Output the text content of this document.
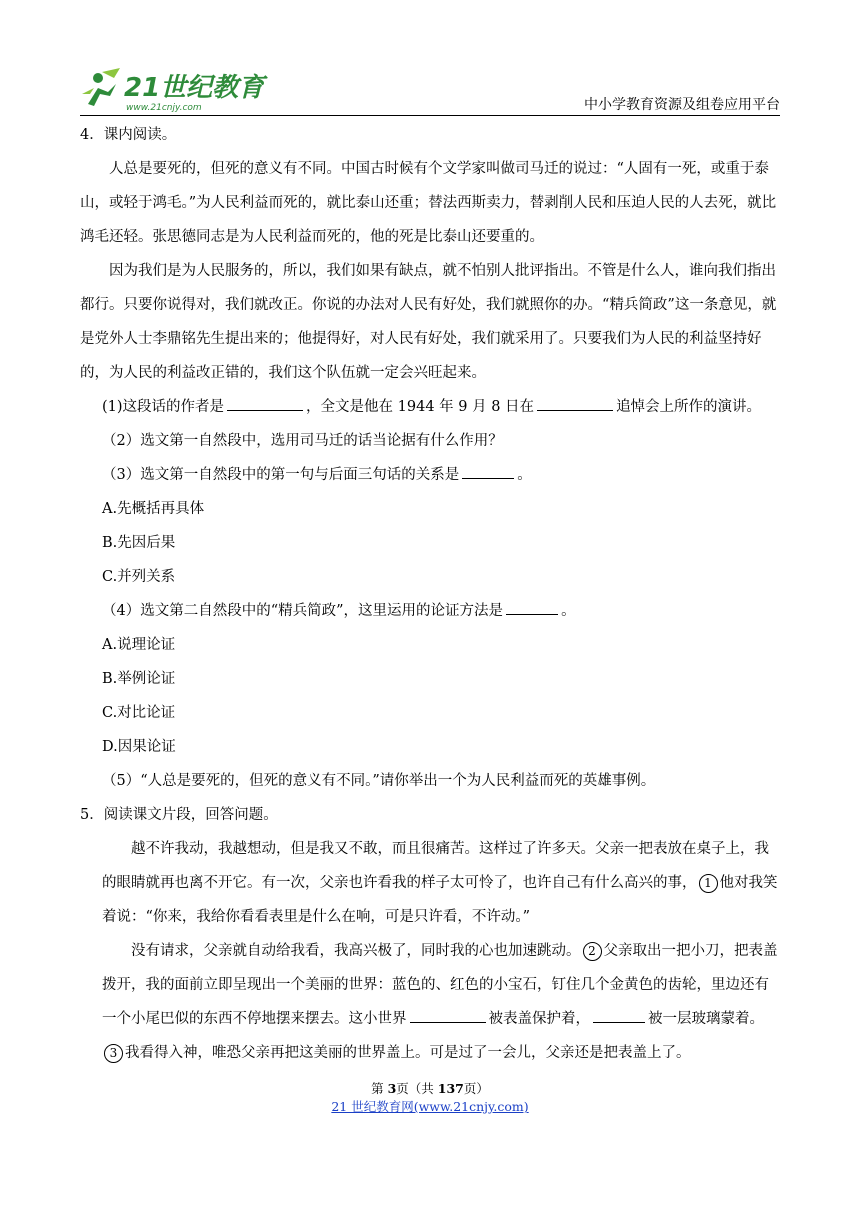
21世纪教育
www.21cnjy.com	中小学教育资源及组卷应用平台

4．课内阅读。

人总是要死的，但死的意义有不同。中国古时候有个文学家叫做司马迁的说过：“人固有一死，或重于泰山，或轻于鸿毛。”为人民利益而死的，就比泰山还重；替法西斯卖力，替剥削人民和压迫人民的人去死，就比鸿毛还轻。张思德同志是为人民利益而死的，他的死是比泰山还要重的。

因为我们是为人民服务的，所以，我们如果有缺点，就不怕别人批评指出。不管是什么人，谁向我们指出都行。只要你说得对，我们就改正。你说的办法对人民有好处，我们就照你的办。“精兵简政”这一条意见，就是党外人士李鼎铭先生提出来的；他提得好，对人民有好处，我们就采用了。只要我们为人民的利益坚持好的，为人民的利益改正错的，我们这个队伍就一定会兴旺起来。

(1)这段话的作者是	，全文是他在 1944 年 9 月 8 日在	追悼会上所作的演讲。

（2）选文第一自然段中，选用司马迁的话当论据有什么作用？

（3）选文第一自然段中的第一句与后面三句话的关系是	。

A.先概括再具体

B.先因后果

C.并列关系

（4）选文第二自然段中的“精兵简政”，这里运用的论证方法是	。

A.说理论证

B.举例论证

C.对比论证

D.因果论证

（5）“人总是要死的，但死的意义有不同。”请你举出一个为人民利益而死的英雄事例。

5．阅读课文片段，回答问题。

越不许我动，我越想动，但是我又不敢，而且很痛苦。这样过了许多天。父亲一把表放在桌子上，我的眼睛就再也离不开它。有一次，父亲也许看我的样子太可怜了，也许自己有什么高兴的事， 1 他对我笑着说：“你来，我给你看看表里是什么在响，可是只许看，不许动。”

没有请求，父亲就自动给我看，我高兴极了，同时我的心也加速跳动。 2 父亲取出一把小刀，把表盖拨开，我的面前立即呈现出一个美丽的世界：蓝色的、红色的小宝石，钉住几个金黄色的齿轮，里边还有一个小尾巴似的东西不停地摆来摆去。这小世界	被表盖保护着，	被一层玻璃蒙着。3 我看得入神，唯恐父亲再把这美丽的世界盖上。可是过了一会儿，父亲还是把表盖上了。

第 3页（共 137页）
21 世纪教育网(www.21cnjy.com)
